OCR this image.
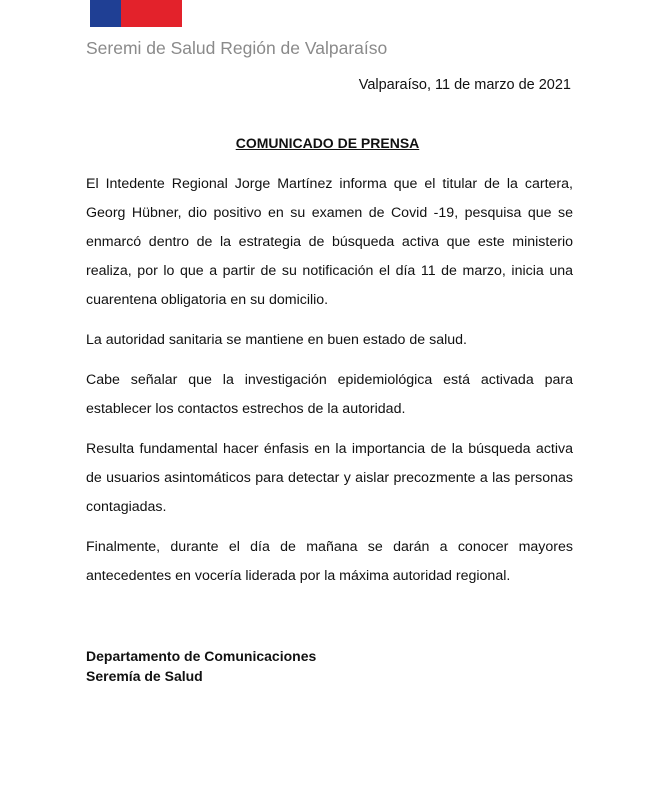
Seremi de Salud Región de Valparaíso
Valparaíso, 11 de marzo de 2021
COMUNICADO DE PRENSA

El Intedente Regional Jorge Martínez informa que el titular de la cartera, Georg Hübner, dio positivo en su examen de Covid -19, pesquisa que se enmarcó dentro de la estrategia de búsqueda activa que este ministerio realiza, por lo que a partir de su notificación el día 11 de marzo, inicia una cuarentena obligatoria en su domicilio.

La autoridad sanitaria se mantiene en buen estado de salud.

Cabe señalar que la investigación epidemiológica está activada para establecer los contactos estrechos de la autoridad.

Resulta fundamental hacer énfasis en la importancia de la búsqueda activa de usuarios asintomáticos para detectar y aislar precozmente a las personas contagiadas.

Finalmente, durante el día de mañana se darán a conocer mayores antecedentes en vocería liderada por la máxima autoridad regional.

Departamento de Comunicaciones
Seremía de Salud
